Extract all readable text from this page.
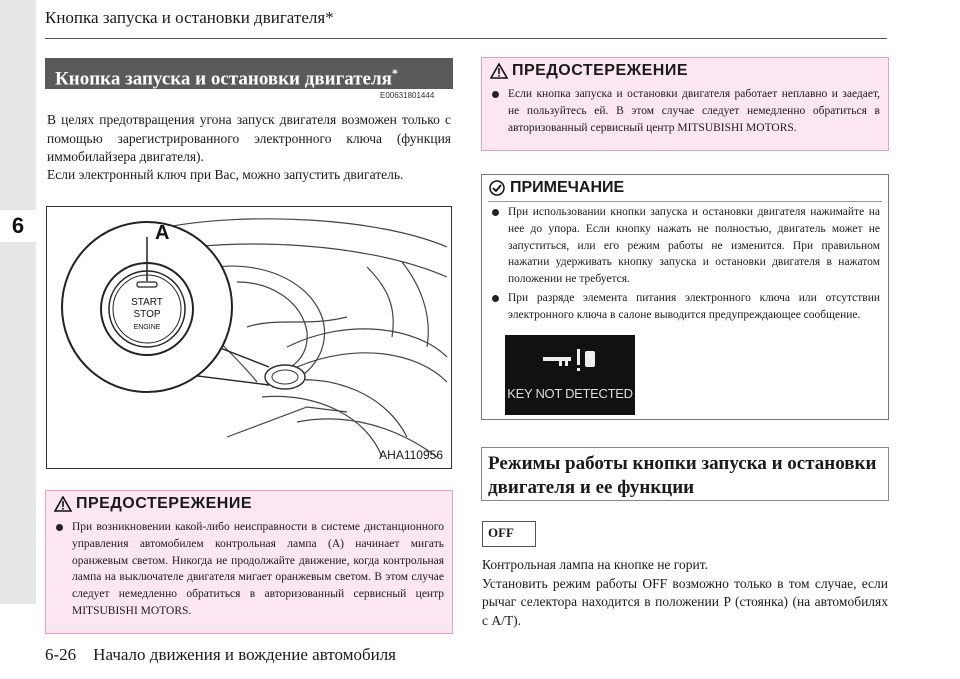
6
Кнопка запуска и остановки двигателя*
Кнопка запуска и остановки двигателя*
E00631801444
В целях предотвращения угона запуск двигателя возможен только с помощью зарегистрированного электронного ключа (функция иммобилайзера двигателя).
Если электронный ключ при Вас, можно запустить двигатель.
A
START
STOP
ENGINE
AHA110956
ПРЕДОСТЕРЕЖЕНИЕ
При возникновении какой-либо неисправности в системе дистанционного управления автомобилем контрольная лампа (А) начинает мигать оранжевым светом. Никогда не продолжайте движение, когда контрольная лампа на выключателе двигателя мигает оранжевым светом. В этом случае следует немедленно обратиться в авторизованный сервисный центр MITSUBISHI MOTORS.
ПРЕДОСТЕРЕЖЕНИЕ
Если кнопка запуска и остановки двигателя работает неплавно и заедает, не пользуйтесь ей. В этом случае следует немедленно обратиться в авторизованный сервисный центр MITSUBISHI MOTORS.
ПРИМЕЧАНИЕ
При использовании кнопки запуска и остановки двигателя нажимайте на нее до упора. Если кнопку нажать не полностью, двигатель может не запуститься, или его режим работы не изменится. При правильном нажатии удерживать кнопку запуска и остановки двигателя в нажатом положении не требуется.
При разряде элемента питания электронного ключа или отсутствии электронного ключа в салоне выводится предупреждающее сообщение.
KEY NOT DETECTED
Режимы работы кнопки запуска и остановки двигателя и ее функции
OFF
Контрольная лампа на кнопке не горит.
Установить режим работы OFF возможно только в том случае, если рычаг селектора находится в положении P (стоянка) (на автомобилях с A/T).
6-26 Начало движения и вождение автомобиля
